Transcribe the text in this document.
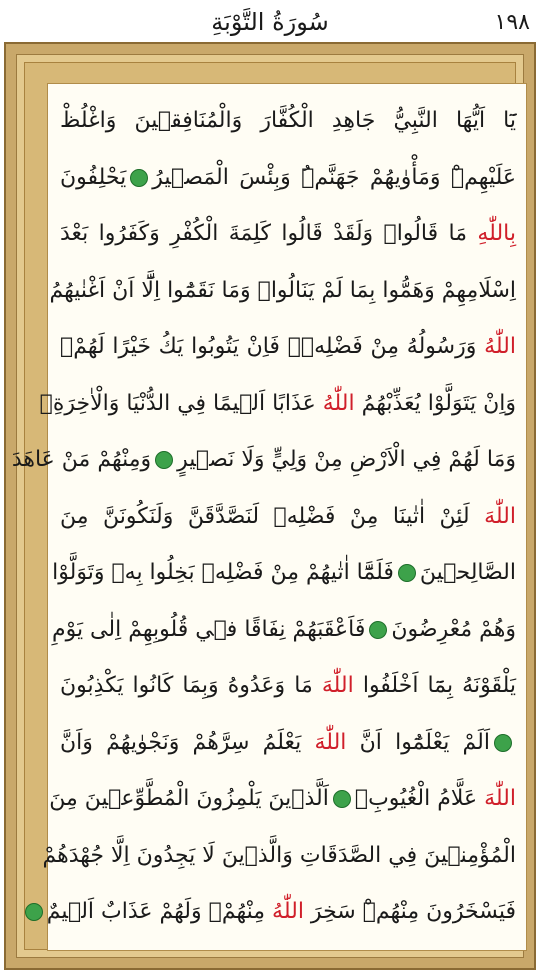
سُورَةُ التَّوْبَةِ	١٩٨
يَٓا اَيُّهَا النَّبِيُّ جَاهِدِ الْكُفَّارَ وَالْمُنَافِقٖينَ وَاغْلُظْ
عَلَيْهِمْۜ وَمَأْوٰيهُمْ جَهَنَّمُۜ وَبِئْسَ الْمَصٖيرُيَحْلِفُونَ
بِاللّٰهِ مَا قَالُواۜ وَلَقَدْ قَالُوا كَلِمَةَ الْكُفْرِ وَكَفَرُوا بَعْدَ
اِسْلَامِهِمْ وَهَمُّوا بِمَا لَمْ يَنَالُواۚ وَمَا نَقَمُٓوا اِلَّٓا اَنْ اَغْنٰيهُمُ
اللّٰهُ وَرَسُولُهُ مِنْ فَضْلِهٖۚ فَاِنْ يَتُوبُوا يَكُ خَيْرًا لَهُمْۚ
وَاِنْ يَتَوَلَّوْا يُعَذِّبْهُمُ اللّٰهُ عَذَابًا اَلٖيمًا فِي الدُّنْيَا وَالْاٰخِرَةِۚ
وَمَا لَهُمْ فِي الْاَرْضِ مِنْ وَلِيٍّ وَلَا نَصٖيرٍوَمِنْهُمْ مَنْ عَاهَدَ
اللّٰهَ لَئِنْ اٰتٰينَا مِنْ فَضْلِهٖ لَنَصَّدَّقَنَّ وَلَنَكُونَنَّ مِنَ
الصَّالِحٖينَفَلَمَّٓا اٰتٰيهُمْ مِنْ فَضْلِهٖ بَخِلُوا بِهٖ وَتَوَلَّوْا
وَهُمْ مُعْرِضُونَفَاَعْقَبَهُمْ نِفَاقًا فٖي قُلُوبِهِمْ اِلٰى يَوْمِ
يَلْقَوْنَهُ بِمَٓا اَخْلَفُوا اللّٰهَ مَا وَعَدُوهُ وَبِمَا كَانُوا يَكْذِبُونَ
اَلَمْ يَعْلَمُٓوا اَنَّ اللّٰهَ يَعْلَمُ سِرَّهُمْ وَنَجْوٰيهُمْ وَاَنَّ
اللّٰهَ عَلَّامُ الْغُيُوبِۚاَلَّذٖينَ يَلْمِزُونَ الْمُطَّوِّعٖينَ مِنَ
الْمُؤْمِنٖينَ فِي الصَّدَقَاتِ وَالَّذٖينَ لَا يَجِدُونَ اِلَّا جُهْدَهُمْ
فَيَسْخَرُونَ مِنْهُمْۜ سَخِرَ اللّٰهُ مِنْهُمْۘ وَلَهُمْ عَذَابٌ اَلٖيمٌ
